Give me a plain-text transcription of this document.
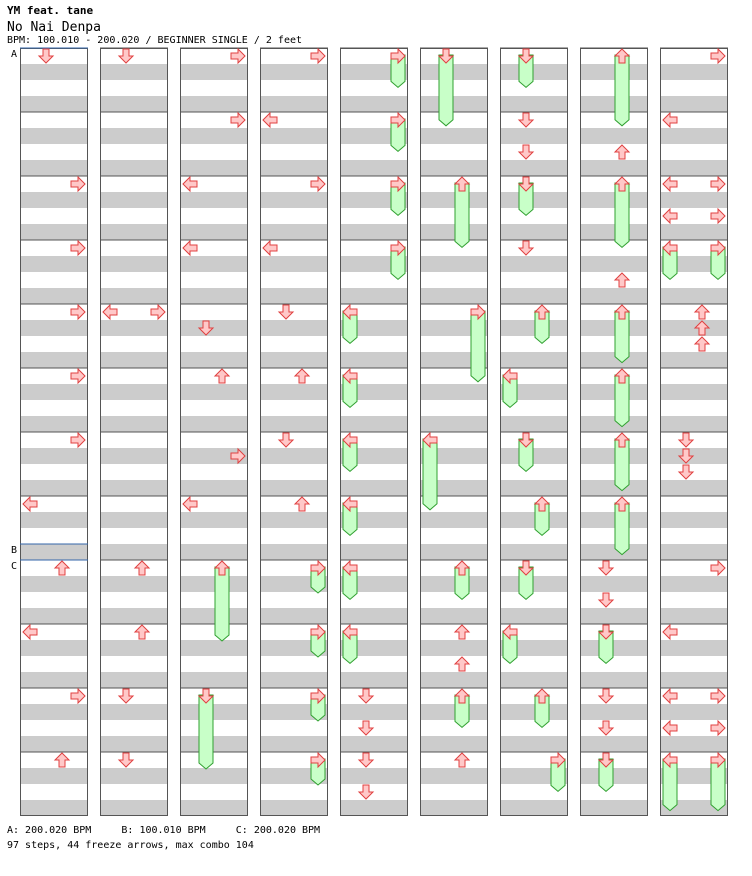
YM feat. tane
No Nai Denpa
BPM: 100.010 - 200.020 / BEGINNER SINGLE / 2 feet
A
B
C
A: 200.020 BPM     B: 100.010 BPM     C: 200.020 BPM
97 steps, 44 freeze arrows, max combo 104
